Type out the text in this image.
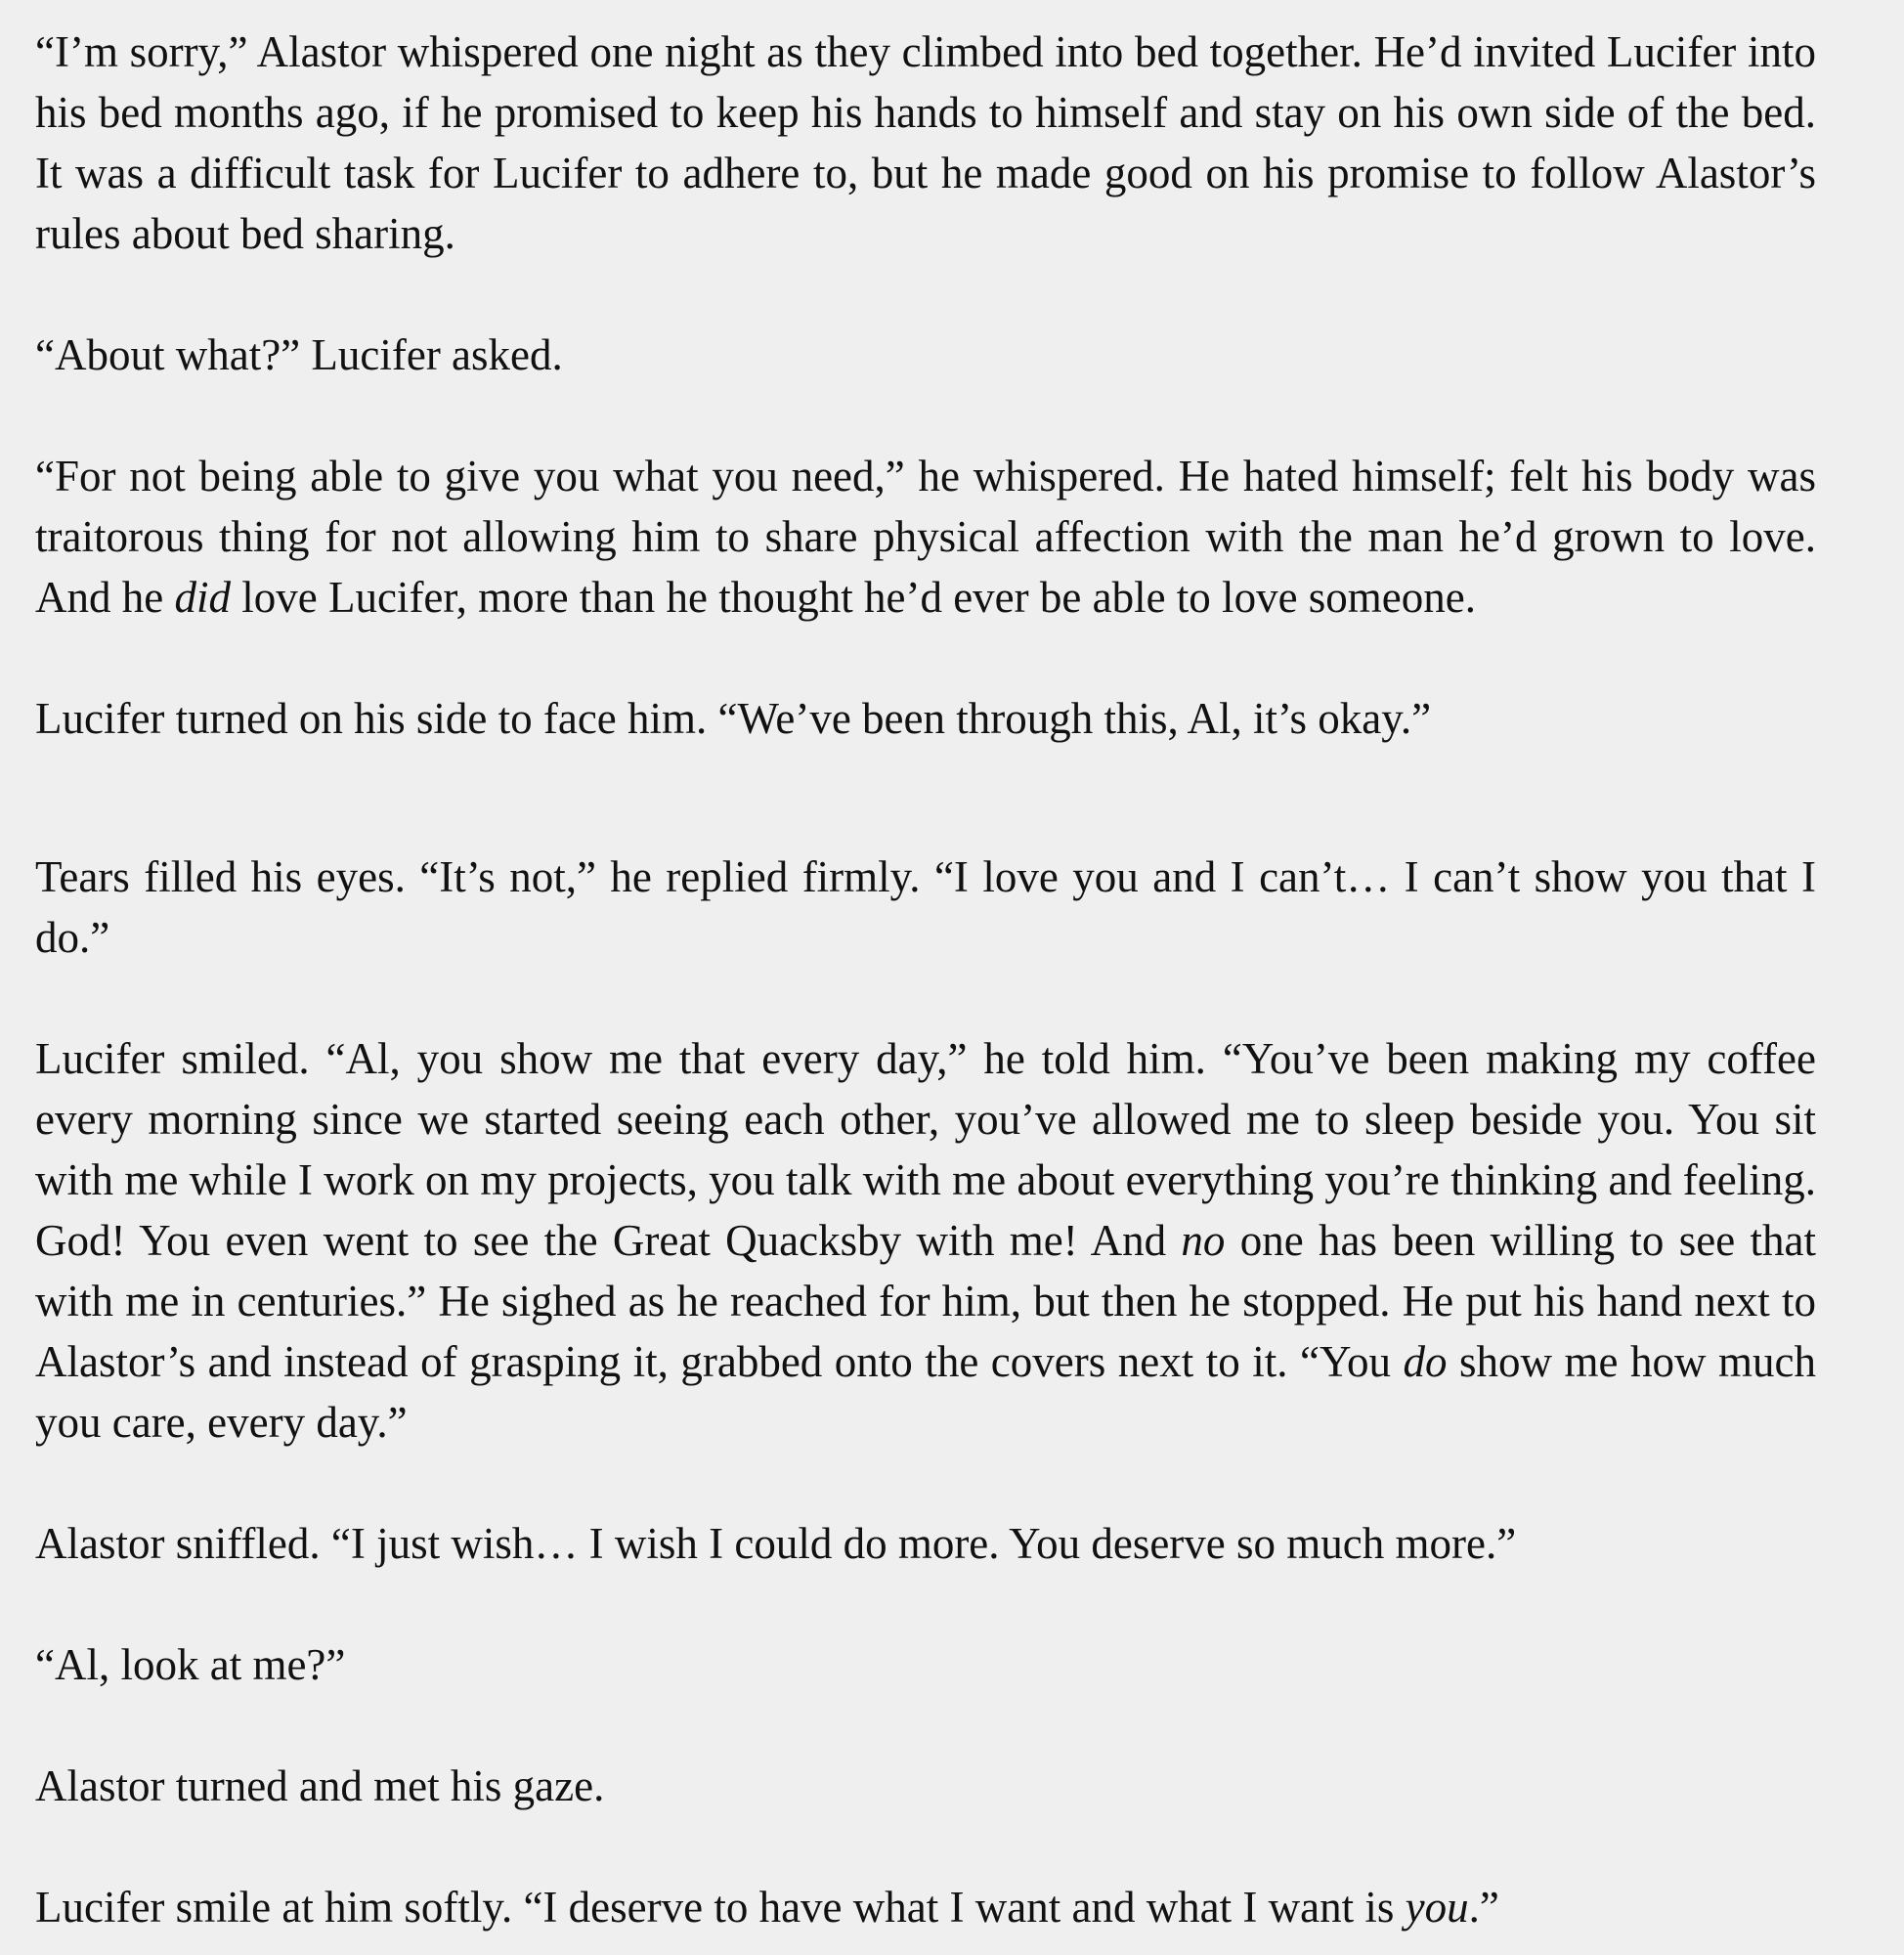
“I’m sorry,” Alastor whispered one night as they climbed into bed together. He’d invited Lucifer into his bed months ago, if he promised to keep his hands to himself and stay on his own side of the bed. It was a difficult task for Lucifer to adhere to, but he made good on his promise to follow Alastor’s rules about bed sharing.

“About what?” Lucifer asked.

“For not being able to give you what you need,” he whispered. He hated himself; felt his body was traitorous thing for not allowing him to share physical affection with the man he’d grown to love. And he did love Lucifer, more than he thought he’d ever be able to love someone.

Lucifer turned on his side to face him. “We’ve been through this, Al, it’s okay.”

Tears filled his eyes. “It’s not,” he replied firmly. “I love you and I can’t… I can’t show you that I do.”

Lucifer smiled. “Al, you show me that every day,” he told him. “You’ve been making my coffee every morning since we started seeing each other, you’ve allowed me to sleep beside you. You sit with me while I work on my projects, you talk with me about everything you’re thinking and feeling. God! You even went to see the Great Quacksby with me! And no one has been willing to see that with me in centuries.” He sighed as he reached for him, but then he stopped. He put his hand next to Alastor’s and instead of grasping it, grabbed onto the covers next to it. “You do show me how much you care, every day.”

Alastor sniffled. “I just wish… I wish I could do more. You deserve so much more.”

“Al, look at me?”

Alastor turned and met his gaze.

Lucifer smile at him softly. “I deserve to have what I want and what I want is you.”
